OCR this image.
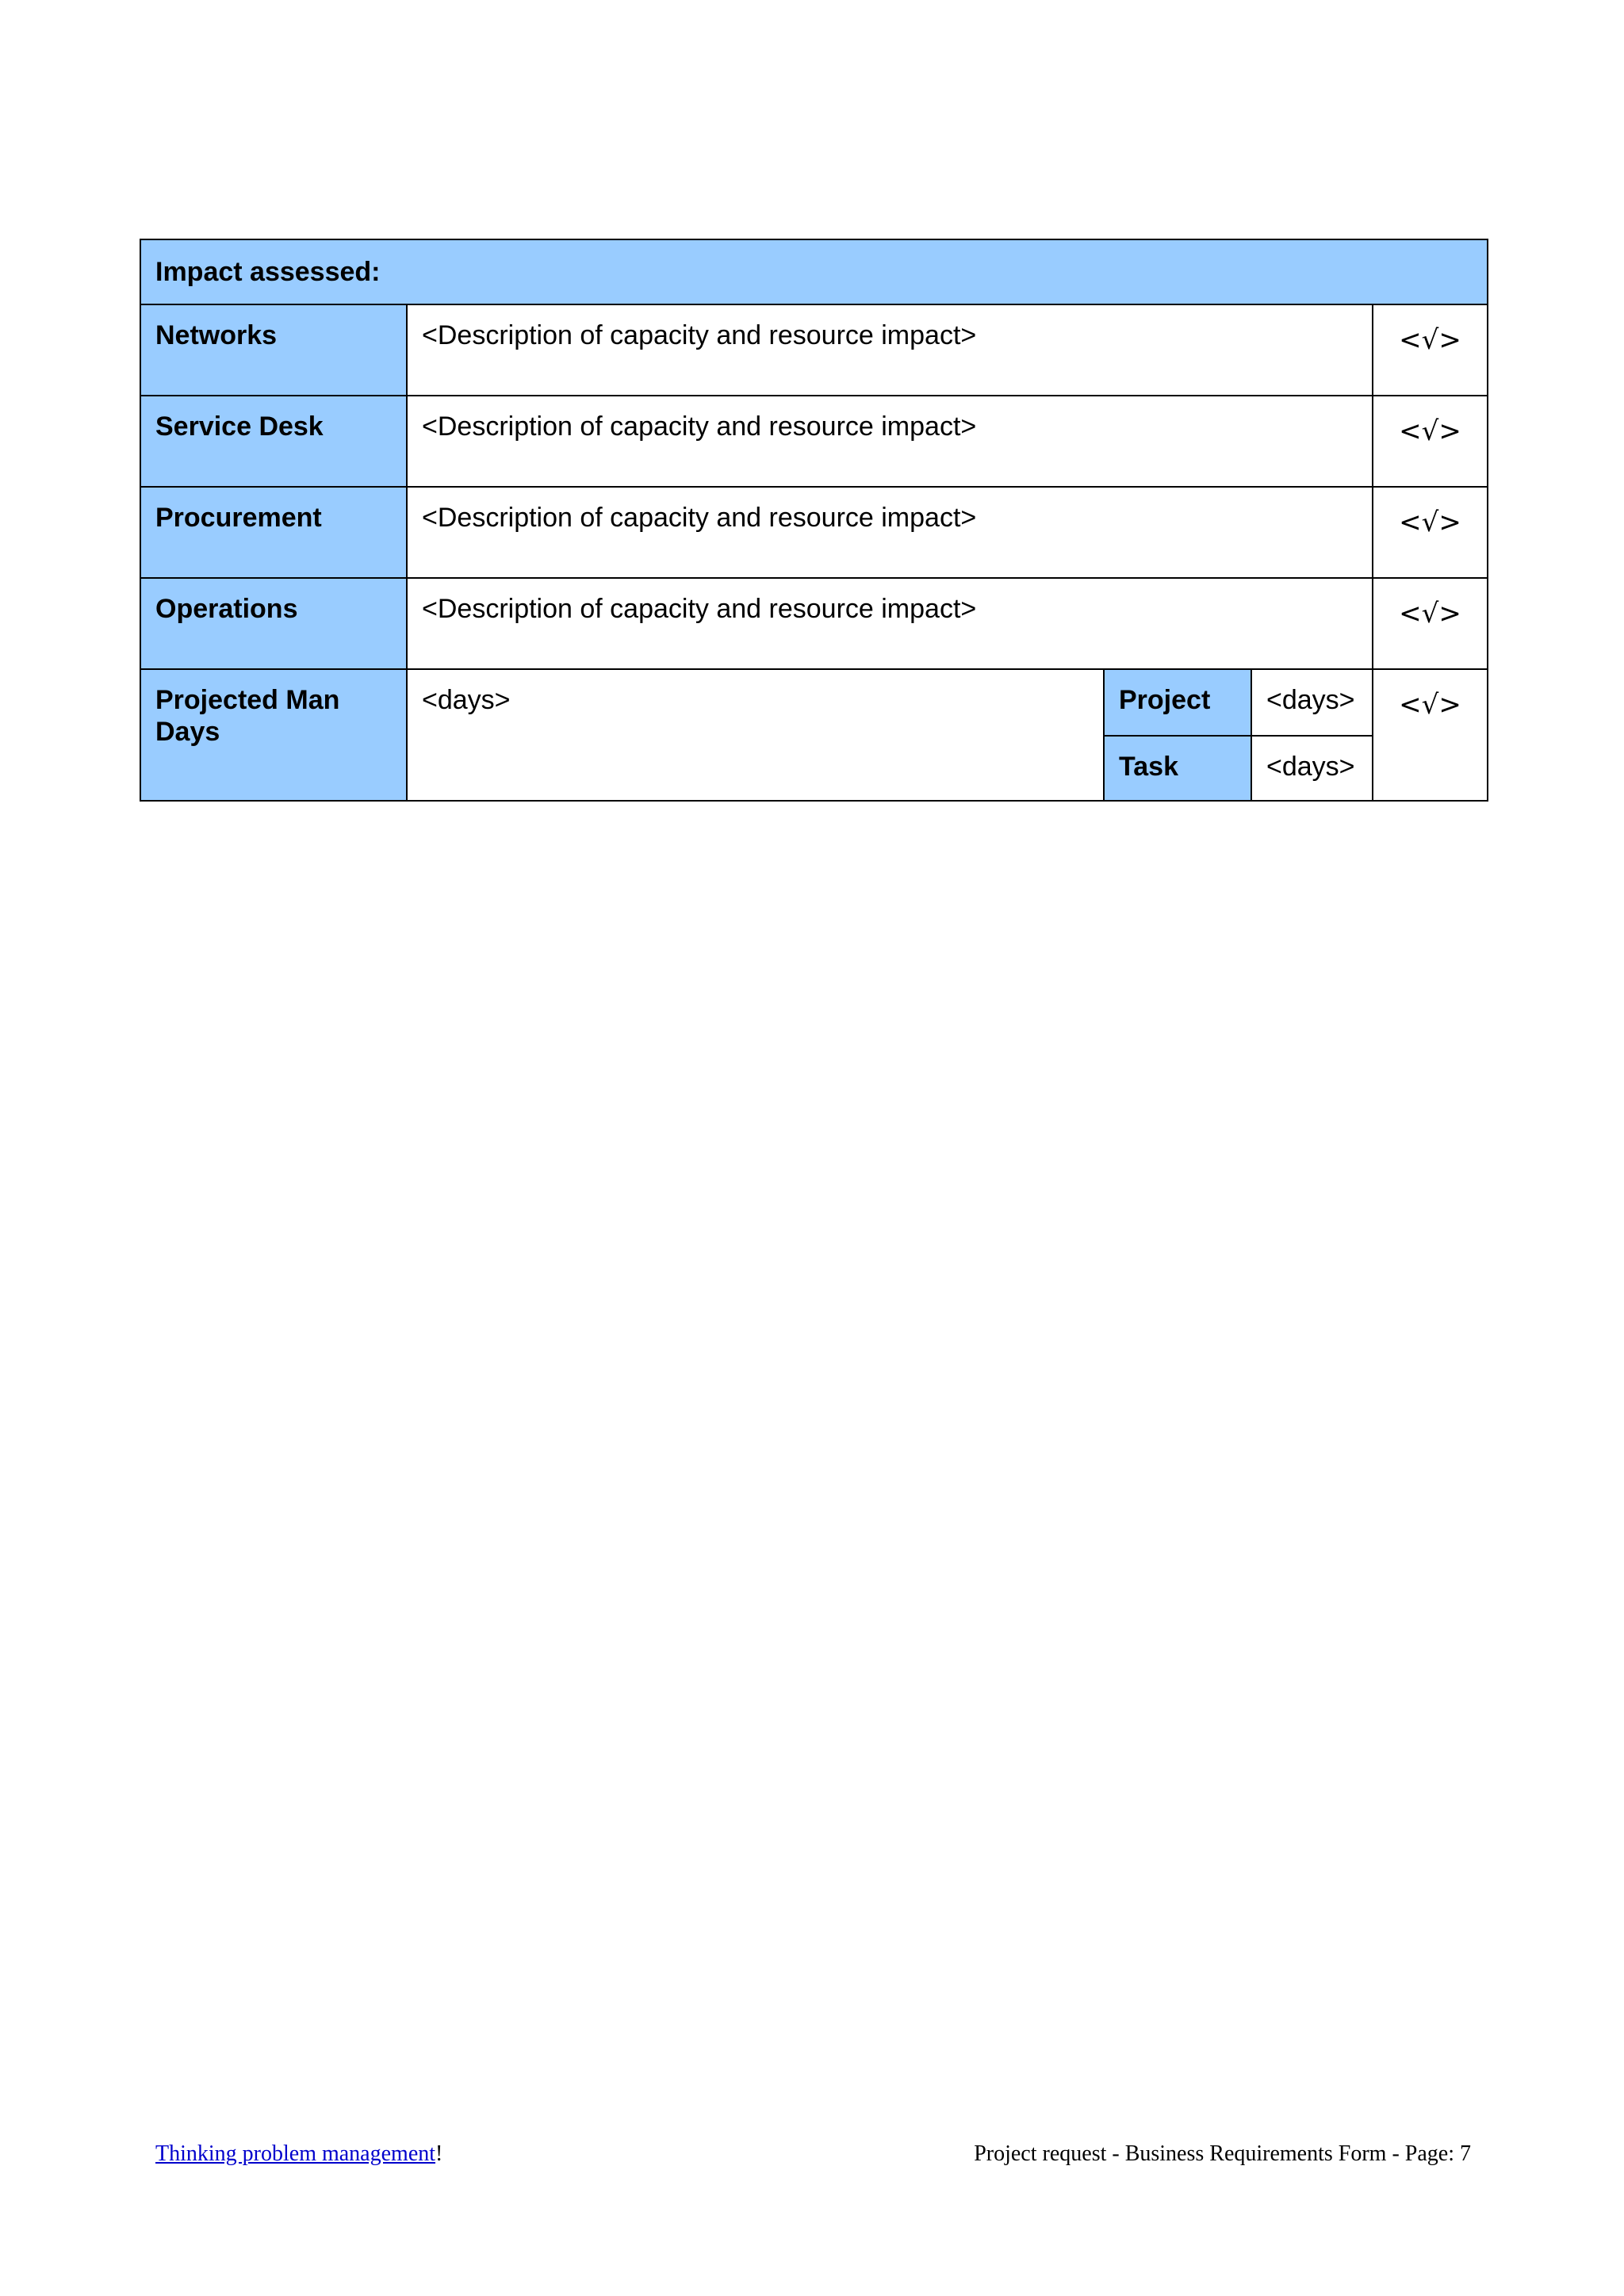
Impact assessed:				
Networks	<Description of capacity and resource impact>			<√>
Service Desk	<Description of capacity and resource impact>			<√>
Procurement	<Description of capacity and resource impact>			<√>
Operations	<Description of capacity and resource impact>			<√>
Projected Man Days	<days>	Project	<days>	<√>
		Task	<days>	
Thinking problem management!	Project request - Business Requirements Form - Page: 7
